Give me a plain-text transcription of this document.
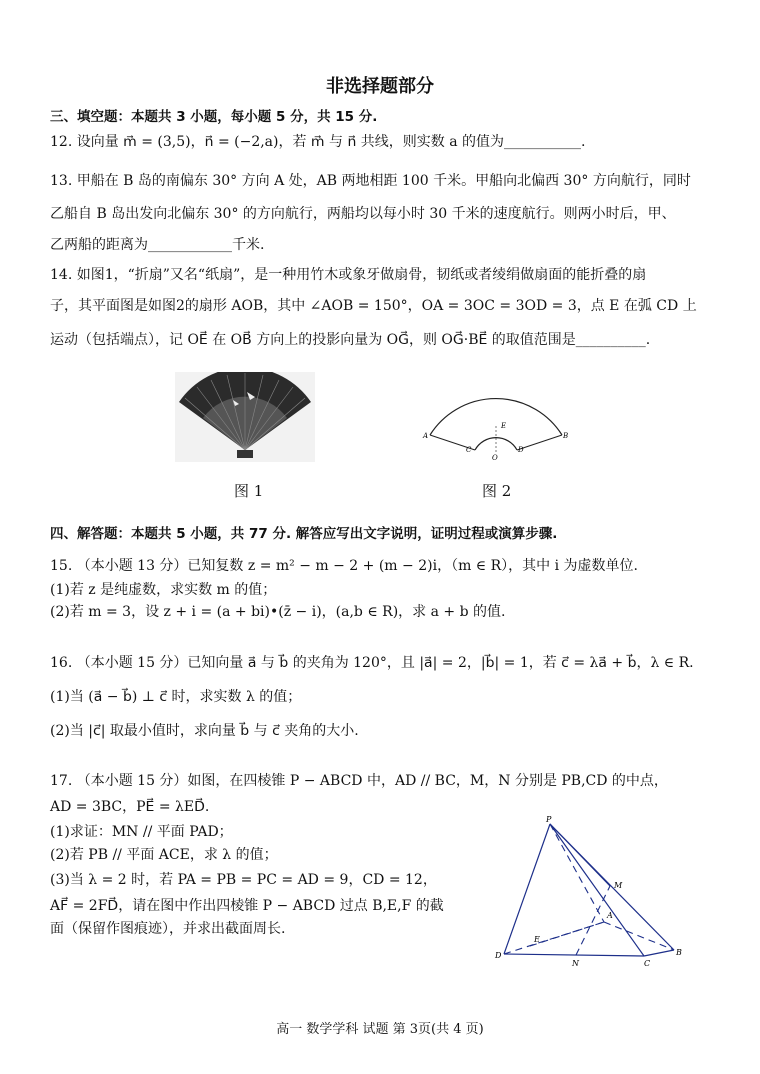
非选择题部分
三、填空题：本题共 3 小题，每小题 5 分，共 15 分.
12. 设向量 m⃗ = (3,5)，n⃗ = (−2,a)，若 m⃗ 与 n⃗ 共线，则实数 a 的值为___________.
13. 甲船在 B 岛的南偏东 30° 方向 A 处，AB 两地相距 100 千米。甲船向北偏西 30° 方向航行，同时
乙船自 B 岛出发向北偏东 30° 的方向航行，两船均以每小时 30 千米的速度航行。则两小时后，甲、
乙两船的距离为____________千米.
14. 如图1，“折扇”又名“纸扇”，是一种用竹木或象牙做扇骨，韧纸或者绫绢做扇面的能折叠的扇
子，其平面图是如图2的扇形 AOB，其中 ∠AOB = 150°，OA = 3OC = 3OD = 3，点 E 在弧 CD 上
运动（包括端点），记 OE⃗ 在 OB⃗ 方向上的投影向量为 OG⃗，则 OG⃗·BE⃗ 的取值范围是__________.
A	B
C	D
E
O
图 1	图 2
四、解答题：本题共 5 小题，共 77 分. 解答应写出文字说明，证明过程或演算步骤.
15. （本小题 13 分）已知复数 z = m² − m − 2 + (m − 2)i，（m ∈ R），其中 i 为虚数单位.
(1)若 z 是纯虚数，求实数 m 的值；
(2)若 m = 3，设 z + i = (a + bi)•(z̄ − i)，(a,b ∈ R)，求 a + b 的值.
16. （本小题 15 分）已知向量 a⃗ 与 b⃗ 的夹角为 120°，且 |a⃗| = 2，|b⃗| = 1，若 c⃗ = λa⃗ + b⃗，λ ∈ R.
(1)当 (a⃗ − b⃗) ⊥ c⃗ 时，求实数 λ 的值；
(2)当 |c⃗| 取最小值时，求向量 b⃗ 与 c⃗ 夹角的大小.
17. （本小题 15 分）如图，在四棱锥 P − ABCD 中，AD // BC，M，N 分别是 PB,CD 的中点，
AD = 3BC，PE⃗ = λED⃗.
(1)求证：MN // 平面 PAD；
(2)若 PB // 平面 ACE，求 λ 的值；
(3)当 λ = 2 时，若 PA = PB = PC = AD = 9，CD = 12，
AF⃗ = 2FD⃗，请在图中作出四棱锥 P − ABCD 过点 B,E,F 的截
面（保留作图痕迹），并求出截面周长.
P
M
A
E
D
N	C
B
高一 数学学科 试题 第 3页(共 4 页)
